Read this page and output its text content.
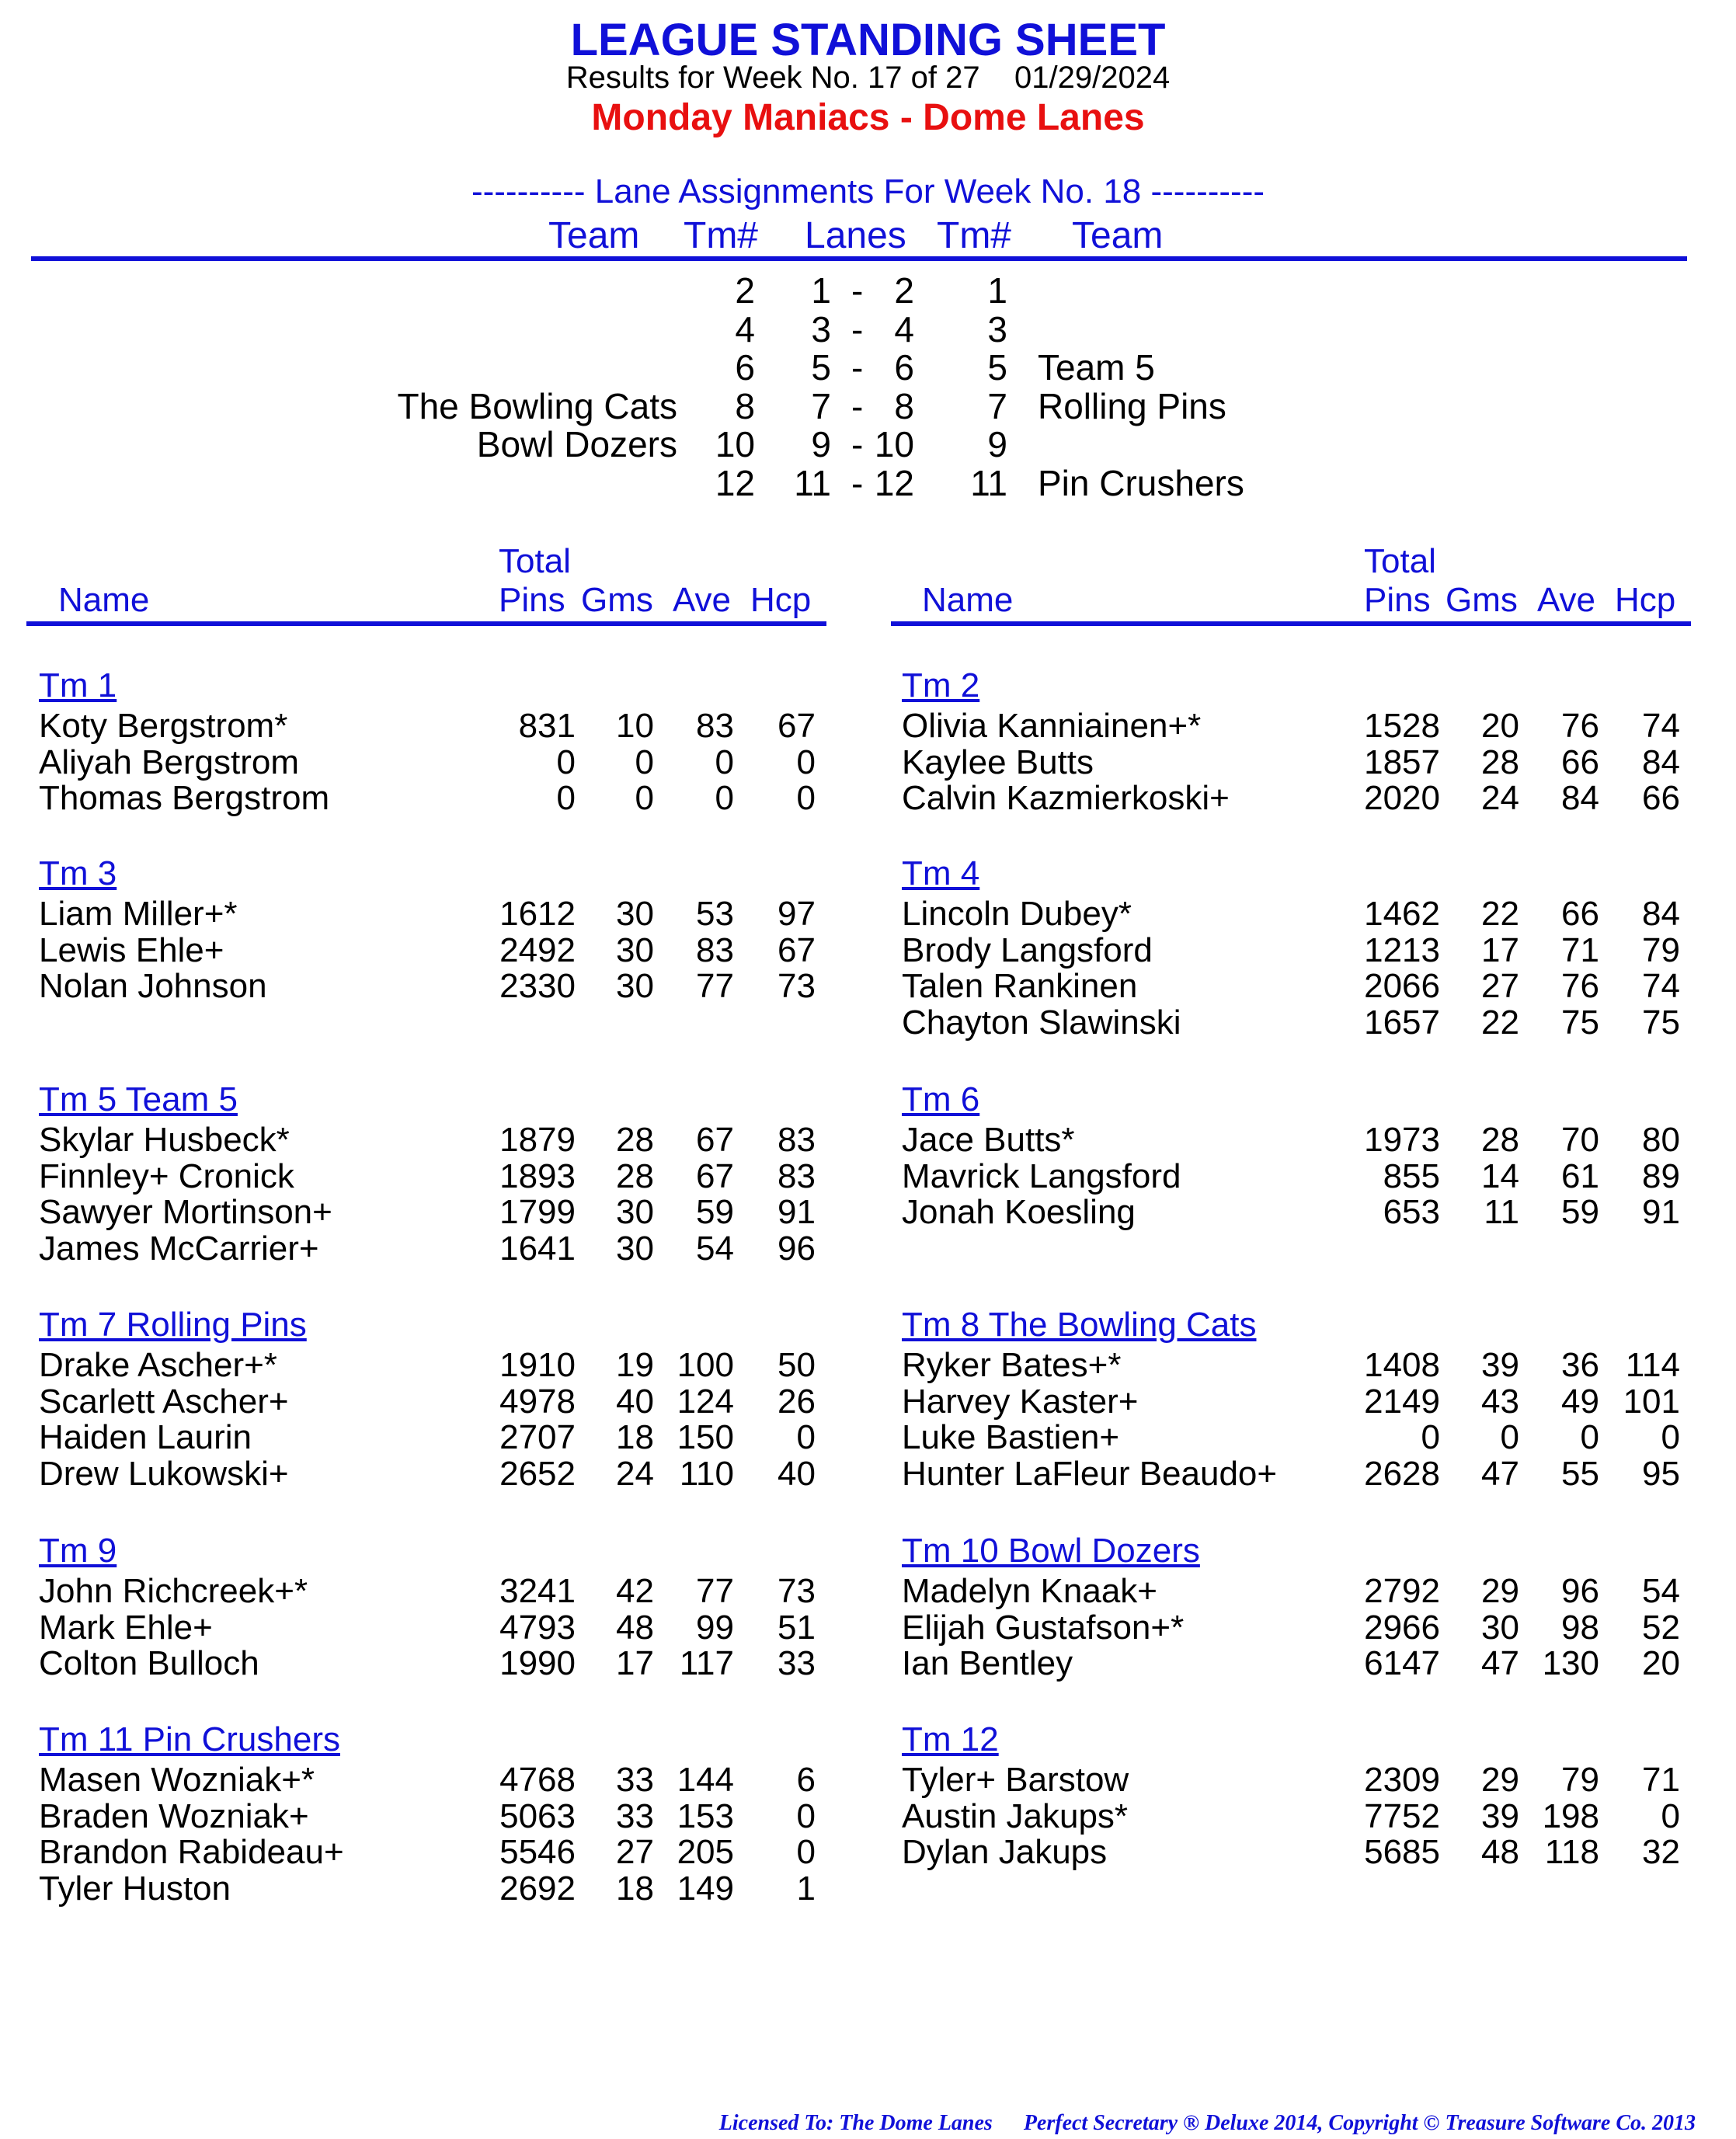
LEAGUE STANDING SHEET
Results for Week No. 17 of 27    01/29/2024
Monday Maniacs - Dome Lanes
---------- Lane Assignments For Week No. 18 ----------
Team Tm# Lanes Tm# Team
2 1 - 2 1
4 3 - 4 3
6 5 - 6 5 Team 5
The Bowling Cats 8 7 - 8 7 Rolling Pins
Bowl Dozers 10 9 - 10 9
12 11 - 12 11 Pin Crushers
Total
Name	Pins Gms Ave Hcp
Total
Name	Pins Gms Ave Hcp
Tm 1
Koty Bergstrom*	831 10 83 67
Aliyah Bergstrom	0 0 0 0
Thomas Bergstrom	0 0 0 0
Tm 2
Olivia Kanniainen+*	1528 20 76 74
Kaylee Butts	1857 28 66 84
Calvin Kazmierkoski+	2020 24 84 66
Tm 3
Liam Miller+*	1612 30 53 97
Lewis Ehle+	2492 30 83 67
Nolan Johnson	2330 30 77 73
Tm 4
Lincoln Dubey*	1462 22 66 84
Brody Langsford	1213 17 71 79
Talen Rankinen	2066 27 76 74
Chayton Slawinski	1657 22 75 75
Tm 5 Team 5
Skylar Husbeck*	1879 28 67 83
Finnley+ Cronick	1893 28 67 83
Sawyer Mortinson+	1799 30 59 91
James McCarrier+	1641 30 54 96
Tm 6
Jace Butts*	1973 28 70 80
Mavrick Langsford	855 14 61 89
Jonah Koesling	653 11 59 91
Tm 7 Rolling Pins
Drake Ascher+*	1910 19 100 50
Scarlett Ascher+	4978 40 124 26
Haiden Laurin	2707 18 150 0
Drew Lukowski+	2652 24 110 40
Tm 8 The Bowling Cats
Ryker Bates+*	1408 39 36 114
Harvey Kaster+	2149 43 49 101
Luke Bastien+	0 0 0 0
Hunter LaFleur Beaudo+	2628 47 55 95
Tm 9
John Richcreek+*	3241 42 77 73
Mark Ehle+	4793 48 99 51
Colton Bulloch	1990 17 117 33
Tm 10 Bowl Dozers
Madelyn Knaak+	2792 29 96 54
Elijah Gustafson+*	2966 30 98 52
Ian Bentley	6147 47 130 20
Tm 11 Pin Crushers
Masen Wozniak+*	4768 33 144 6
Braden Wozniak+	5063 33 153 0
Brandon Rabideau+	5546 27 205 0
Tyler Huston	2692 18 149 1
Tm 12
Tyler+ Barstow	2309 29 79 71
Austin Jakups*	7752 39 198 0
Dylan Jakups	5685 48 118 32
Licensed To: The Dome Lanes Perfect Secretary ® Deluxe 2014, Copyright © Treasure Software Co. 2013
